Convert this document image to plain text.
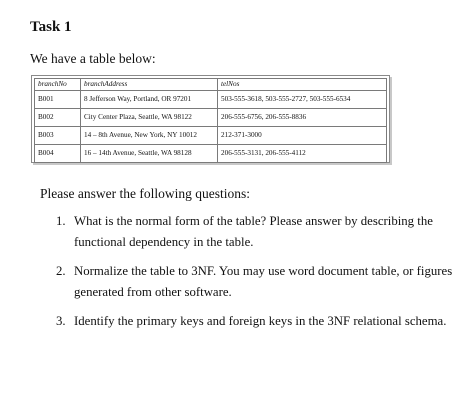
Task 1

We have a table below:

branchNo	branchAddress	telNos
B001	8 Jefferson Way, Portland, OR 97201	503-555-3618, 503-555-2727, 503-555-6534
B002	City Center Plaza, Seattle, WA 98122	206-555-6756, 206-555-8836
B003	14 – 8th Avenue, New York, NY 10012	212-371-3000
B004	16 – 14th Avenue, Seattle, WA 98128	206-555-3131, 206-555-4112

Please answer the following questions:

1. What is the normal form of the table? Please answer by describing the functional dependency in the table.
2. Normalize the table to 3NF. You may use word document table, or figures generated from other software.
3. Identify the primary keys and foreign keys in the 3NF relational schema.
